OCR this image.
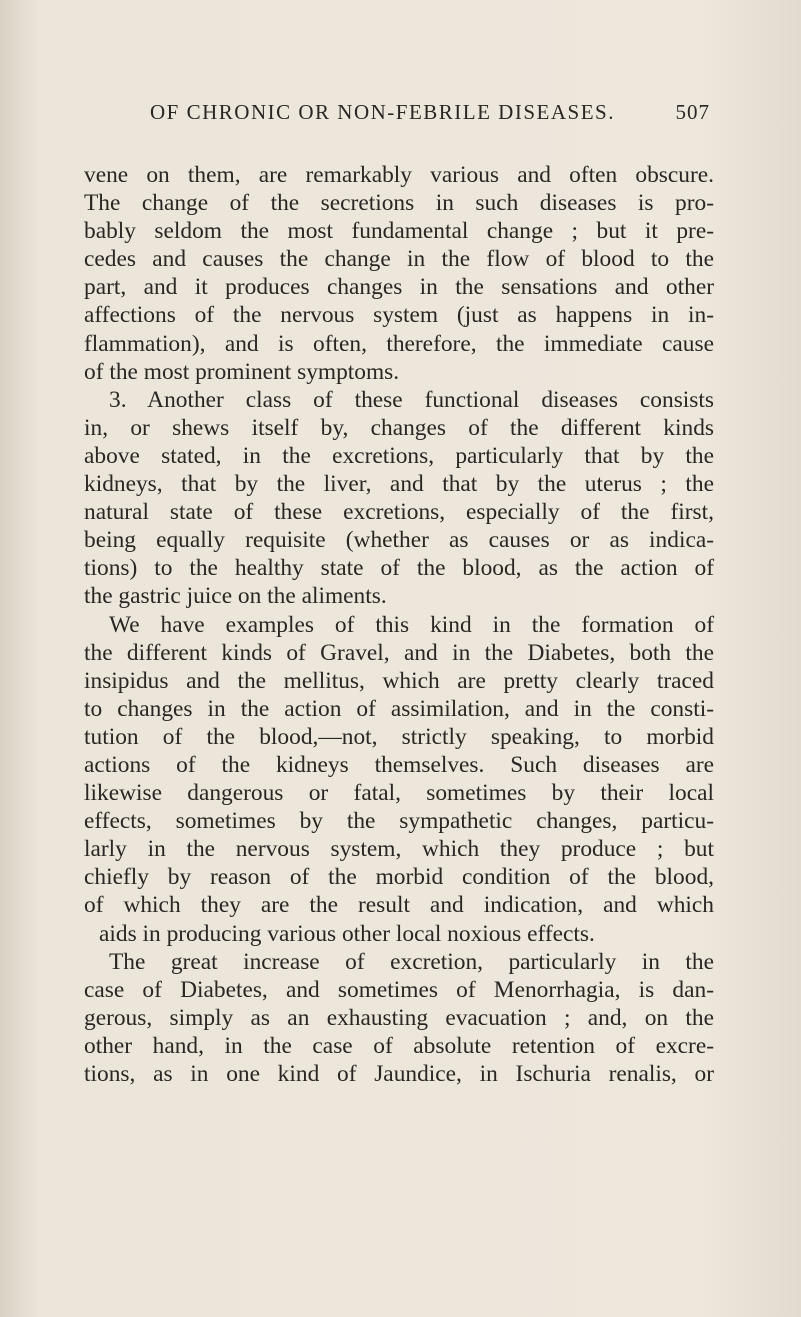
OF CHRONIC OR NON-FEBRILE DISEASES.	507
vene on them, are remarkably various and often obscure.
The change of the secretions in such diseases is pro-
bably seldom the most fundamental change ; but it pre-
cedes and causes the change in the flow of blood to the
part, and it produces changes in the sensations and other
affections of the nervous system (just as happens in in-
flammation), and is often, therefore, the immediate cause
of the most prominent symptoms.
3. Another class of these functional diseases consists
in, or shews itself by, changes of the different kinds
above stated, in the excretions, particularly that by the
kidneys, that by the liver, and that by the uterus ; the
natural state of these excretions, especially of the first,
being equally requisite (whether as causes or as indica-
tions) to the healthy state of the blood, as the action of
the gastric juice on the aliments.
We have examples of this kind in the formation of
the different kinds of Gravel, and in the Diabetes, both the
insipidus and the mellitus, which are pretty clearly traced
to changes in the action of assimilation, and in the consti-
tution of the blood,—not, strictly speaking, to morbid
actions of the kidneys themselves. Such diseases are
likewise dangerous or fatal, sometimes by their local
effects, sometimes by the sympathetic changes, particu-
larly in the nervous system, which they produce ; but
chiefly by reason of the morbid condition of the blood,
of which they are the result and indication, and which
aids in producing various other local noxious effects.
The great increase of excretion, particularly in the
case of Diabetes, and sometimes of Menorrhagia, is dan-
gerous, simply as an exhausting evacuation ; and, on the
other hand, in the case of absolute retention of excre-
tions, as in one kind of Jaundice, in Ischuria renalis, or
